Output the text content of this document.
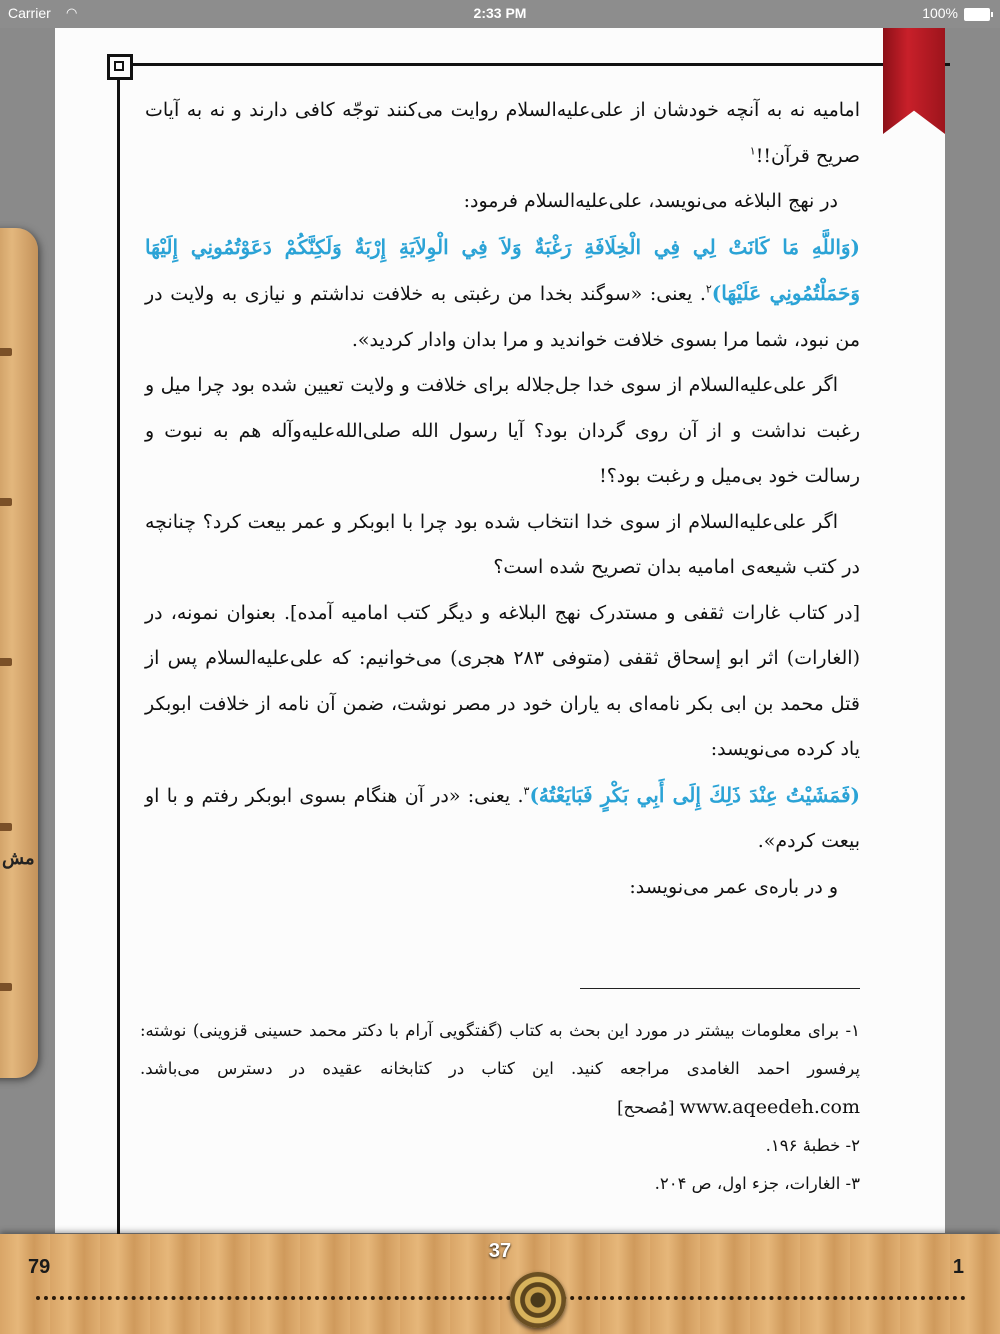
Carrier ◠	2:33 PM	100%
مش

امامیه نه به آنچه خودشان از علی‌علیه‌السلام روایت می‌کنند توجّه کافی دارند و نه به آیات صریح قرآن!!$^۱$

در نهج البلاغه می‌نویسد، علی‌علیه‌السلام فرمود:

(وَاللَّهِ مَا كَانَتْ لِي فِي الْخِلَافَةِ رَغْبَةٌ وَلاَ فِي الْوِلاَيَةِ إِرْبَةٌ وَلَكِنَّكُمْ دَعَوْتُمُونِي إِلَيْهَا وَحَمَلْتُمُونِي عَلَيْهَا)$^۲$. یعنی: «سوگند بخدا من رغبتی به خلافت نداشتم و نیازی به ولایت در من نبود، شما مرا بسوی خلافت خواندید و مرا بدان وادار کردید».

اگر علی‌علیه‌السلام از سوی خدا جل‌جلاله برای خلافت و ولایت تعیین شده بود چرا میل و رغبت نداشت و از آن روی گردان بود؟ آیا رسول الله صلی‌الله‌علیه‌وآله هم به نبوت و رسالت خود بی‌میل و رغبت بود؟!

اگر علی‌علیه‌السلام از سوی خدا انتخاب شده بود چرا با ابوبکر و عمر بیعت کرد؟ چنانچه در کتب شیعه‌ی امامیه بدان تصریح شده است؟

[در کتاب غارات ثقفی و مستدرک نهج البلاغه و دیگر کتب امامیه آمده]. بعنوان نمونه، در (الغارات) اثر ابو إسحاق ثقفی (متوفی ۲۸۳ هجری) می‌خوانیم: که علی‌علیه‌السلام پس از قتل محمد بن ابی بکر نامه‌ای به یاران خود در مصر نوشت، ضمن آن نامه از خلافت ابوبکر یاد کرده می‌نویسد:

(فَمَشَيْتُ عِنْدَ ذَلِكَ إِلَى أَبِي بَكْرٍ فَبَايَعْتُهُ)$^۳$. یعنی: «در آن هنگام بسوی ابوبکر رفتم و با او بیعت کردم».

و در باره‌ی عمر می‌نویسد:

۱- برای معلومات بیشتر در مورد این بحث به کتاب (گفتگویی آرام با دکتر محمد حسینی قزوینی) نوشته: پرفسور احمد الغامدی مراجعه کنید. این کتاب در کتابخانه عقیده در دسترس می‌باشد. www.aqeedeh.com [مُصحح]

۲- خطبهٔ ۱۹۶.

۳- الغارات، جزء اول، ص ۲۰۴.

79
37
1
